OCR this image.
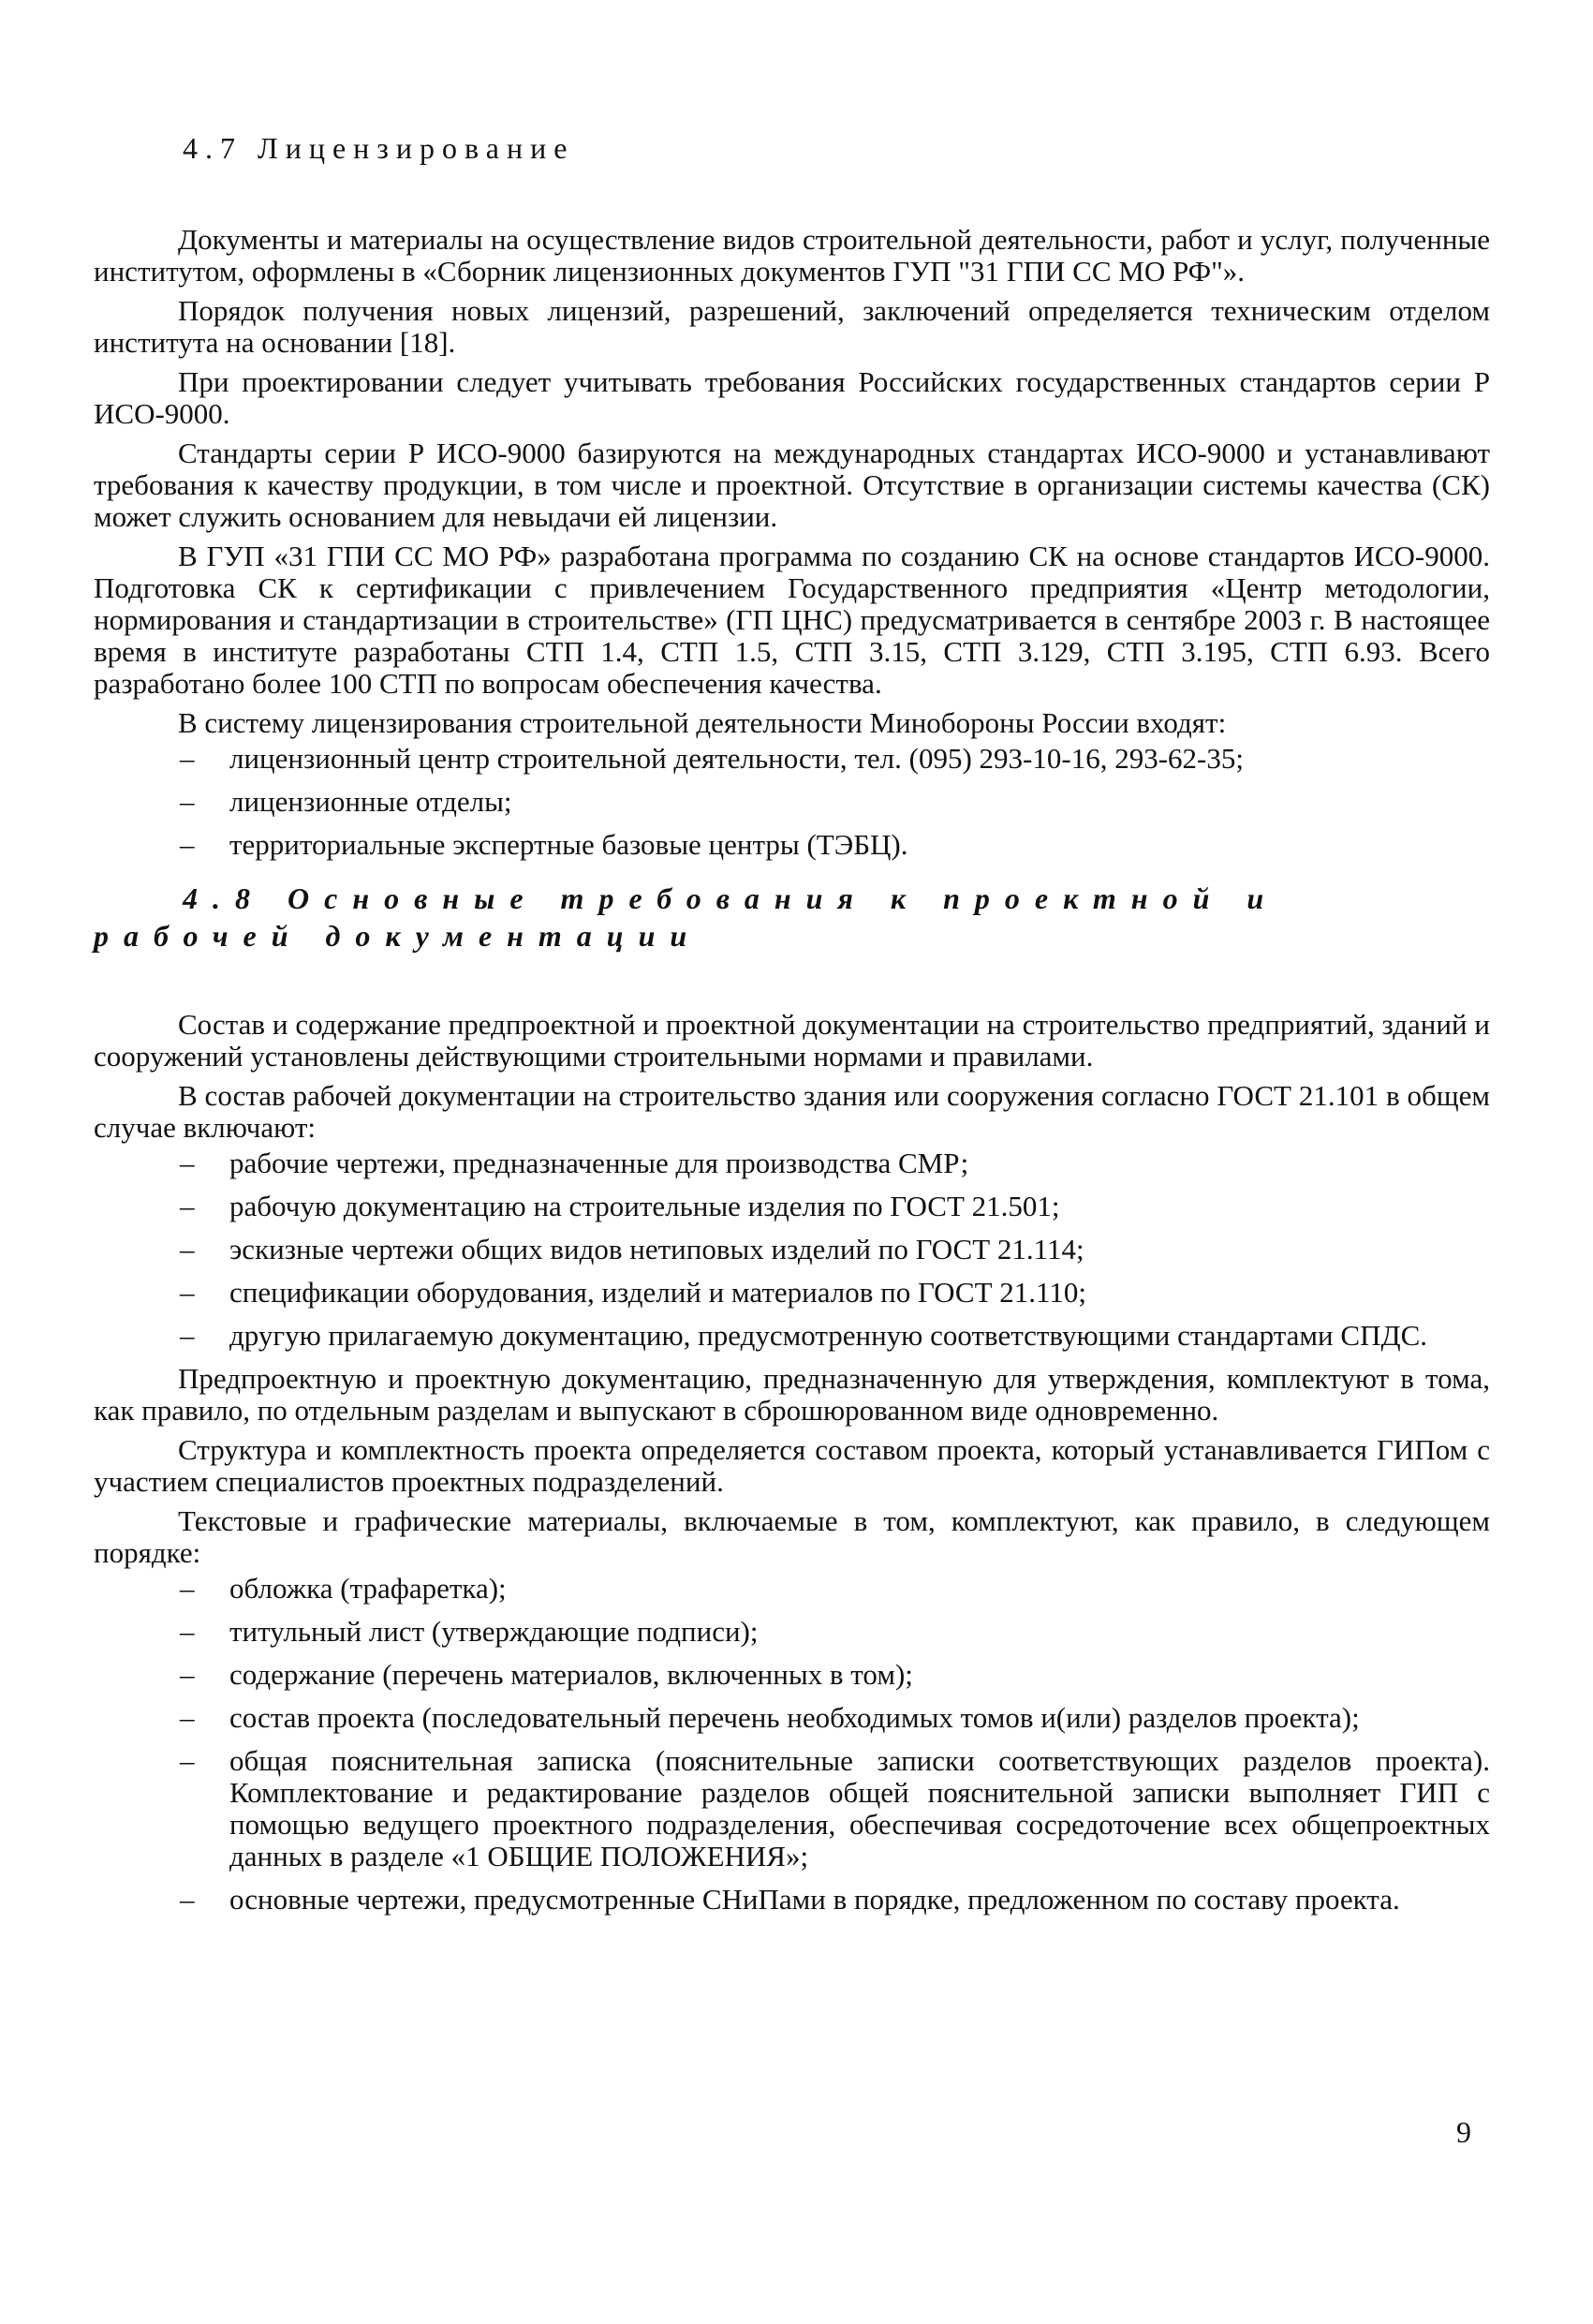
4.7 Лицензирование

Документы и материалы на осуществление видов строительной деятельности, работ и услуг, полученные институтом, оформлены в «Сборник лицензионных документов ГУП "31 ГПИ СС МО РФ"».

Порядок получения новых лицензий, разрешений, заключений определяется техническим отделом института на основании [18].

При проектировании следует учитывать требования Российских государственных стандартов серии Р ИСО-9000.

Стандарты серии Р ИСО-9000 базируются на международных стандартах ИСО-9000 и устанавливают требования к качеству продукции, в том числе и проектной. Отсутствие в организации системы качества (СК) может служить основанием для невыдачи ей лицензии.

В ГУП «31 ГПИ СС МО РФ» разработана программа по созданию СК на основе стандартов ИСО-9000. Подготовка СК к сертификации с привлечением Государственного предприятия «Центр методологии, нормирования и стандартизации в строительстве» (ГП ЦНС) предусматривается в сентябре 2003 г. В настоящее время в институте разработаны СТП 1.4, СТП 1.5, СТП 3.15, СТП 3.129, СТП 3.195, СТП 6.93. Всего разработано более 100 СТП по вопросам обеспечения качества.

В систему лицензирования строительной деятельности Минобороны России входят:

– лицензионный центр строительной деятельности, тел. (095) 293-10-16, 293-62-35;
– лицензионные отделы;
– территориальные экспертные базовые центры (ТЭБЦ).
4.8 Основные требования к проектной и рабочей документации

Состав и содержание предпроектной и проектной документации на строительство предприятий, зданий и сооружений установлены действующими строительными нормами и правилами.

В состав рабочей документации на строительство здания или сооружения согласно ГОСТ 21.101 в общем случае включают:

– рабочие чертежи, предназначенные для производства СМР;
– рабочую документацию на строительные изделия по ГОСТ 21.501;
– эскизные чертежи общих видов нетиповых изделий по ГОСТ 21.114;
– спецификации оборудования, изделий и материалов по ГОСТ 21.110;
– другую прилагаемую документацию, предусмотренную соответствующими стандартами СПДС.

Предпроектную и проектную документацию, предназначенную для утверждения, комплектуют в тома, как правило, по отдельным разделам и выпускают в сброшюрованном виде одновременно.

Структура и комплектность проекта определяется составом проекта, который устанавливается ГИПом с участием специалистов проектных подразделений.

Текстовые и графические материалы, включаемые в том, комплектуют, как правило, в следующем порядке:

– обложка (трафаретка);
– титульный лист (утверждающие подписи);
– содержание (перечень материалов, включенных в том);
– состав проекта (последовательный перечень необходимых томов и(или) разделов проекта);
– общая пояснительная записка (пояснительные записки соответствующих разделов проекта). Комплектование и редактирование разделов общей пояснительной записки выполняет ГИП с помощью ведущего проектного подразделения, обеспечивая сосредоточение всех общепроектных данных в разделе «1 ОБЩИЕ ПОЛОЖЕНИЯ»;
– основные чертежи, предусмотренные СНиПами в порядке, предложенном по составу проекта.
9
